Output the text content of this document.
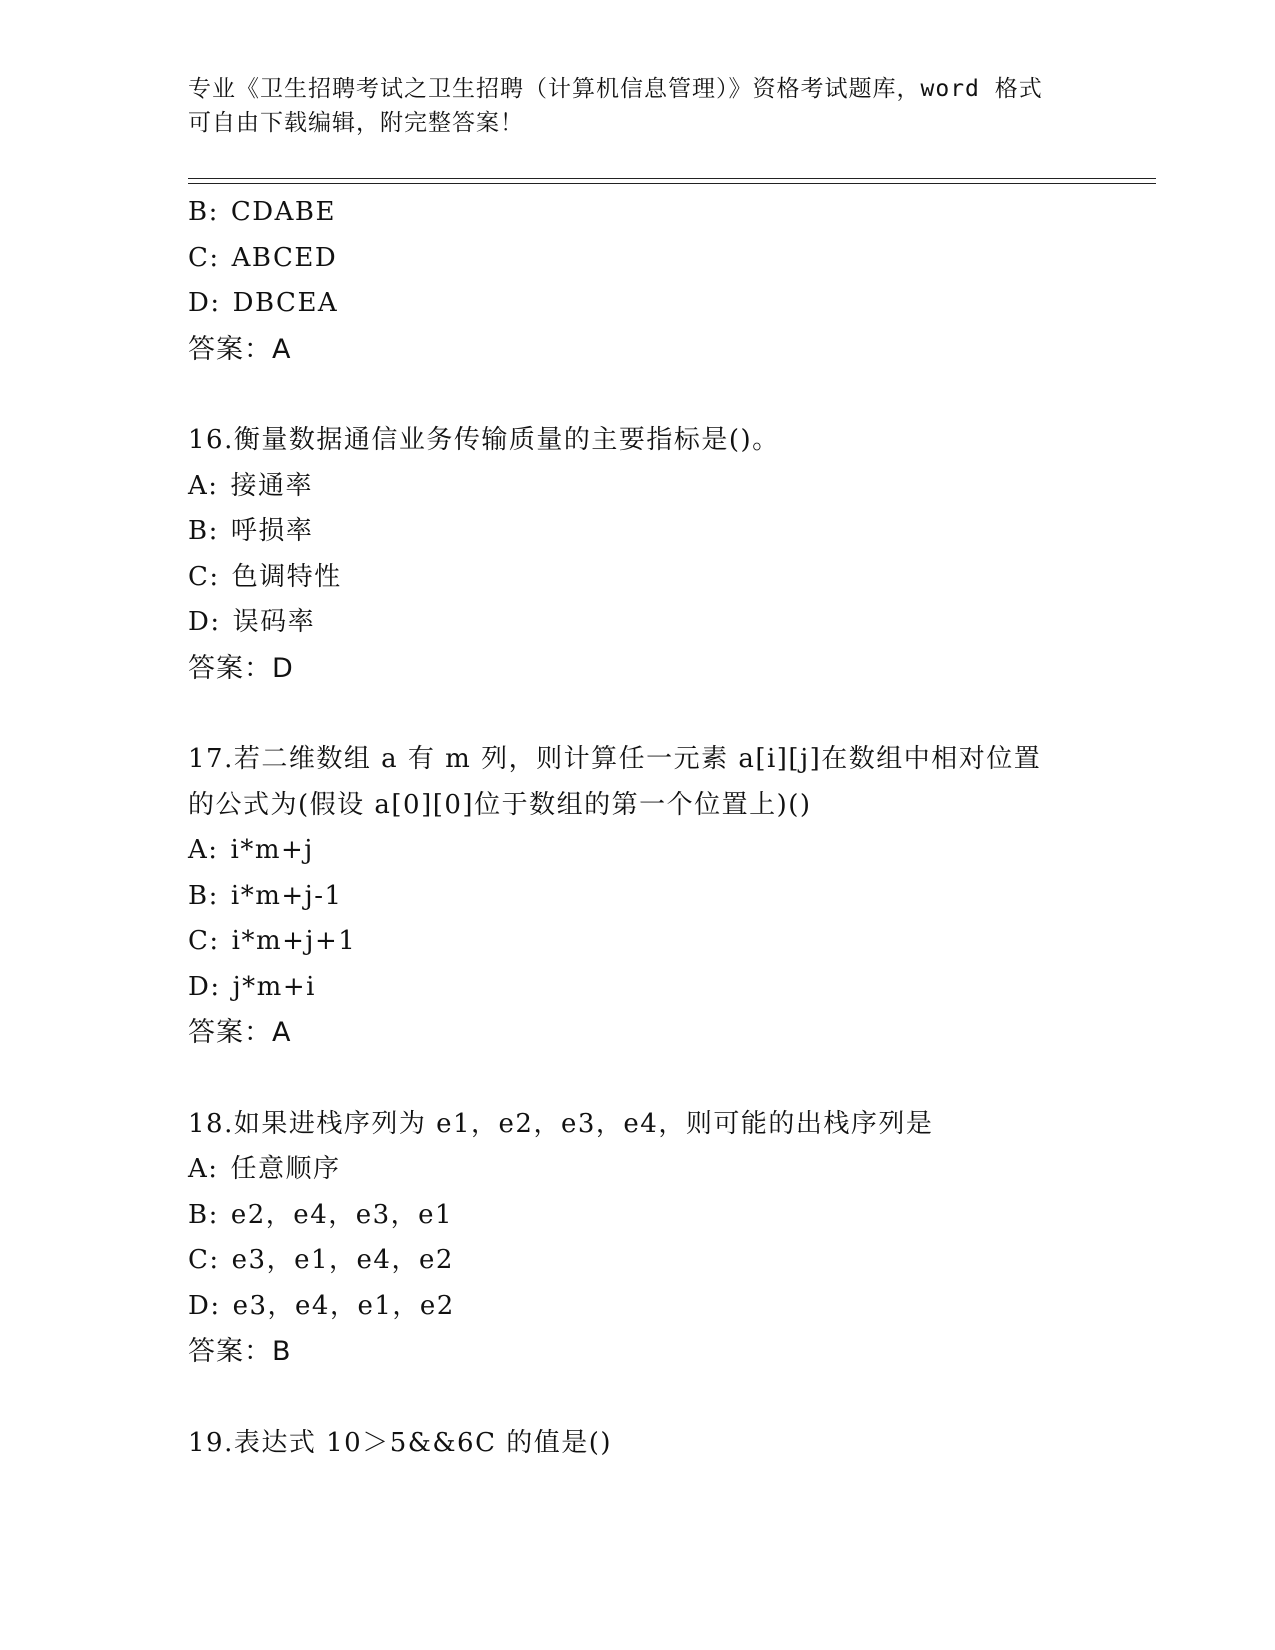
专业《卫生招聘考试之卫生招聘（计算机信息管理）》资格考试题库，word 格式
可自由下载编辑，附完整答案！
B: CDABE
C: ABCED
D: DBCEA
答案：A
16.衡量数据通信业务传输质量的主要指标是()。
A: 接通率
B: 呼损率
C: 色调特性
D: 误码率
答案：D
17.若二维数组 a 有 m 列，则计算任一元素 a[i][j]在数组中相对位置
的公式为(假设 a[0][0]位于数组的第一个位置上)()
A: i*m+j
B: i*m+j-1
C: i*m+j+1
D: j*m+i
答案：A
18.如果进栈序列为 e1，e2，e3，e4，则可能的出栈序列是
A: 任意顺序
B: e2，e4，e3，e1
C: e3，e1，e4，e2
D: e3，e4，e1，e2
答案：B
19.表达式 10＞5&&6C 的值是()
